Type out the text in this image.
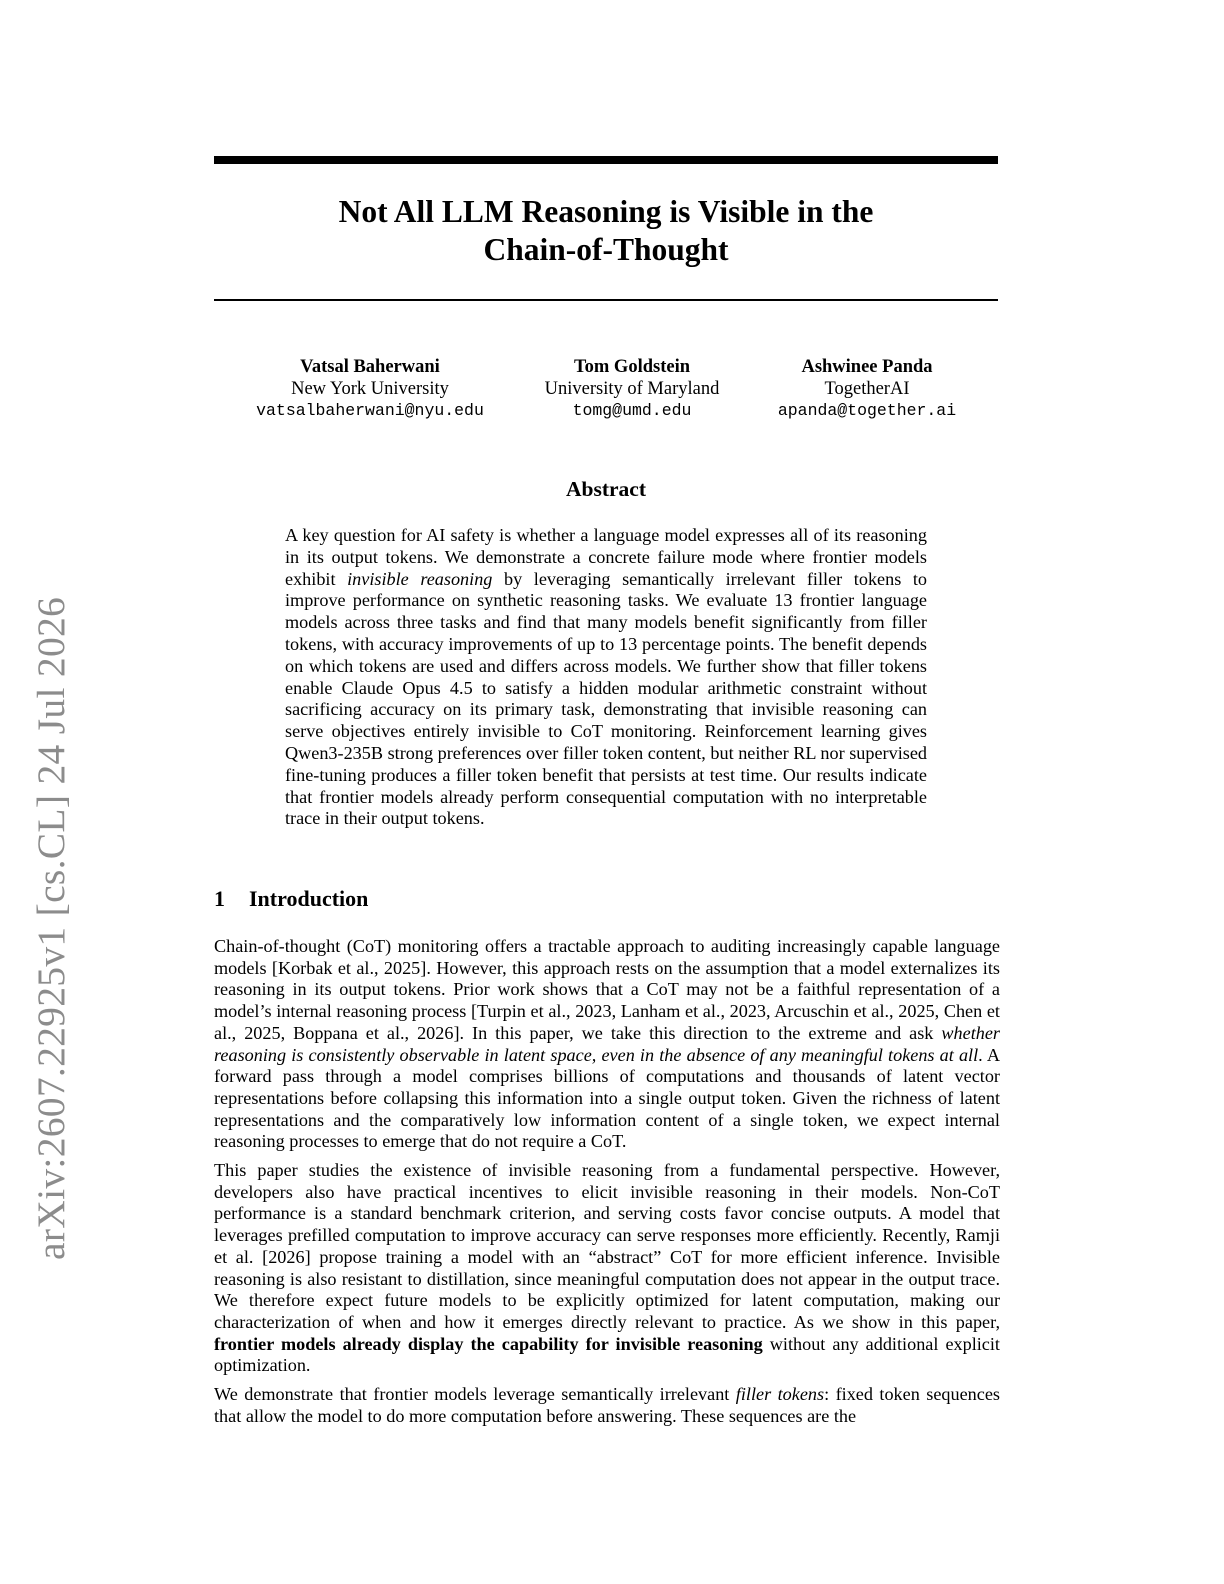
arXiv:2607.22925v1 [cs.CL] 24 Jul 2026
Not All LLM Reasoning is Visible in the
Chain-of-Thought
Vatsal Baherwani
New York University
vatsalbaherwani@nyu.edu
Tom Goldstein
University of Maryland
tomg@umd.edu
Ashwinee Panda
TogetherAI
apanda@together.ai
Abstract

A key question for AI safety is whether a language model expresses all of its reasoning in its output tokens. We demonstrate a concrete failure mode where frontier models exhibit invisible reasoning by leveraging semantically irrelevant filler tokens to improve performance on synthetic reasoning tasks. We evaluate 13 frontier language models across three tasks and find that many models benefit significantly from filler tokens, with accuracy improvements of up to 13 percentage points. The benefit depends on which tokens are used and differs across models. We further show that filler tokens enable Claude Opus 4.5 to satisfy a hidden modular arithmetic constraint without sacrificing accuracy on its primary task, demonstrating that invisible reasoning can serve objectives entirely invisible to CoT monitoring. Reinforcement learning gives Qwen3-235B strong preferences over filler token content, but neither RL nor supervised fine-tuning produces a filler token benefit that persists at test time. Our results indicate that frontier models already perform consequential computation with no interpretable trace in their output tokens.

1 Introduction

Chain-of-thought (CoT) monitoring offers a tractable approach to auditing increasingly capable language models [Korbak et al., 2025]. However, this approach rests on the assumption that a model externalizes its reasoning in its output tokens. Prior work shows that a CoT may not be a faithful representation of a model’s internal reasoning process [Turpin et al., 2023, Lanham et al., 2023, Arcuschin et al., 2025, Chen et al., 2025, Boppana et al., 2026]. In this paper, we take this direction to the extreme and ask whether reasoning is consistently observable in latent space, even in the absence of any meaningful tokens at all. A forward pass through a model comprises billions of computations and thousands of latent vector representations before collapsing this information into a single output token. Given the richness of latent representations and the comparatively low information content of a single token, we expect internal reasoning processes to emerge that do not require a CoT.

This paper studies the existence of invisible reasoning from a fundamental perspective. However, developers also have practical incentives to elicit invisible reasoning in their models. Non-CoT performance is a standard benchmark criterion, and serving costs favor concise outputs. A model that leverages prefilled computation to improve accuracy can serve responses more efficiently. Recently, Ramji et al. [2026] propose training a model with an “abstract” CoT for more efficient inference. Invisible reasoning is also resistant to distillation, since meaningful computation does not appear in the output trace. We therefore expect future models to be explicitly optimized for latent computation, making our characterization of when and how it emerges directly relevant to practice. As we show in this paper, frontier models already display the capability for invisible reasoning without any additional explicit optimization.

We demonstrate that frontier models leverage semantically irrelevant filler tokens: fixed token sequences that allow the model to do more computation before answering. These sequences are the
